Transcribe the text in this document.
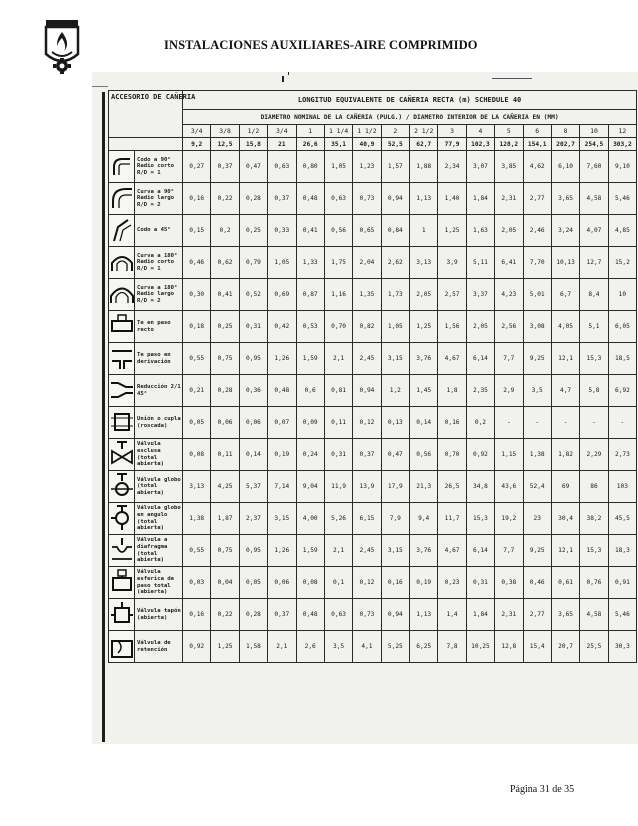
INSTALACIONES AUXILIARES-AIRE COMPRIMIDO
ACCESORIO DE CAÑERIA		LONGITUD EQUIVALENTE DE CAÑERIA RECTA (m) SCHEDULE 40															
		DIAMETRO NOMINAL DE LA CAÑERIA (PULG.) / DIAMETRO INTERIOR DE LA CAÑERIA EN (MM)															
		3/4	3/8	1/2	3/4	1	1 1/4	1 1/2	2	2 1/2	3	4	5	6	8	10	12
		9,2	12,5	15,8	21	26,6	35,1	40,9	52,5	62,7	77,9	102,3	128,2	154,1	202,7	254,5	303,2
	Codo a 90° Radio corto R/D = 1	0,27	0,37	0,47	0,63	0,80	1,05	1,23	1,57	1,88	2,34	3,07	3,85	4,62	6,10	7,60	9,10
	Curva a 90° Radio largo R/D = 2	0,16	0,22	0,28	0,37	0,48	0,63	0,73	0,94	1,13	1,40	1,84	2,31	2,77	3,65	4,58	5,46
	Codo a 45°	0,15	0,2	0,25	0,33	0,41	0,56	0,65	0,84	1	1,25	1,63	2,05	2,46	3,24	4,07	4,85
	Curva a 180° Radio corto R/D = 1	0,46	0,62	0,79	1,05	1,33	1,75	2,04	2,62	3,13	3,9	5,11	6,41	7,70	10,13	12,7	15,2
	Curva a 180° Radio largo R/D = 2	0,30	0,41	0,52	0,69	0,87	1,16	1,35	1,73	2,05	2,57	3,37	4,23	5,01	6,7	8,4	10
	Te en paso recto	0,18	0,25	0,31	0,42	0,53	0,70	0,82	1,05	1,25	1,56	2,05	2,56	3,08	4,05	5,1	6,05
	Te paso en derivación	0,55	0,75	0,95	1,26	1,59	2,1	2,45	3,15	3,76	4,67	6,14	7,7	9,25	12,1	15,3	18,5
	Reducción 2/1 45°	0,21	0,28	0,36	0,48	0,6	0,81	0,94	1,2	1,45	1,8	2,35	2,9	3,5	4,7	5,8	6,92
	Unión o cupla (roscada)	0,05	0,06	0,06	0,07	0,09	0,11	0,12	0,13	0,14	0,16	0,2	-	-	-	-	-
	Válvula esclusa (total abierta)	0,08	0,11	0,14	0,19	0,24	0,31	0,37	0,47	0,56	0,70	0,92	1,15	1,38	1,82	2,29	2,73
	Válvula globo (total abierta)	3,13	4,25	5,37	7,14	9,04	11,9	13,9	17,9	21,3	26,5	34,8	43,6	52,4	69	86	103
	Válvula globo en angulo (total abierta)	1,38	1,87	2,37	3,15	4,00	5,26	6,15	7,9	9,4	11,7	15,3	19,2	23	30,4	38,2	45,5
	Válvula a diafragma (total abierta)	0,55	0,75	0,95	1,26	1,59	2,1	2,45	3,15	3,76	4,67	6,14	7,7	9,25	12,1	15,3	18,3
	Válvula esferica de paso total (abierta)	0,03	0,04	0,05	0,06	0,08	0,1	0,12	0,16	0,19	0,23	0,31	0,38	0,46	0,61	0,76	0,91
	Válvula tapón (abierta)	0,16	0,22	0,28	0,37	0,48	0,63	0,73	0,94	1,13	1,4	1,84	2,31	2,77	3,65	4,58	5,46
	Válvula de retención	0,92	1,25	1,58	2,1	2,6	3,5	4,1	5,25	6,25	7,8	10,25	12,8	15,4	20,7	25,5	30,3
Página 31 de 35
